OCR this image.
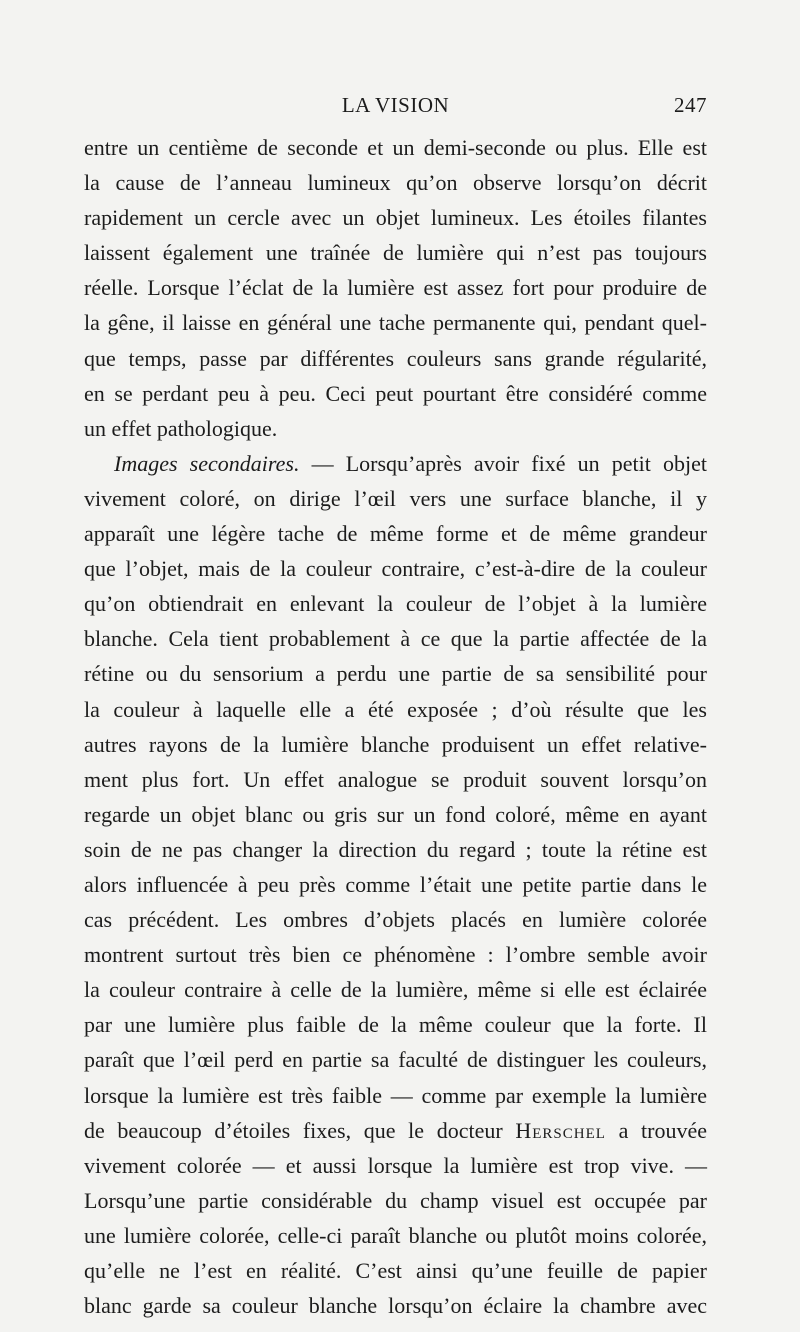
LA VISION	247
entre un centième de seconde et un demi-seconde ou plus. Elle est
la cause de l’anneau lumineux qu’on observe lorsqu’on décrit
rapidement un cercle avec un objet lumineux. Les étoiles filantes
laissent également une traînée de lumière qui n’est pas toujours
réelle. Lorsque l’éclat de la lumière est assez fort pour produire de
la gêne, il laisse en général une tache permanente qui, pendant quel-
que temps, passe par différentes couleurs sans grande régularité,
en se perdant peu à peu. Ceci peut pourtant être considéré comme
un effet pathologique.
Images secondaires. — Lorsqu’après avoir fixé un petit objet
vivement coloré, on dirige l’œil vers une surface blanche, il y
apparaît une légère tache de même forme et de même grandeur
que l’objet, mais de la couleur contraire, c’est-à-dire de la couleur
qu’on obtiendrait en enlevant la couleur de l’objet à la lumière
blanche. Cela tient probablement à ce que la partie affectée de la
rétine ou du sensorium a perdu une partie de sa sensibilité pour
la couleur à laquelle elle a été exposée ; d’où résulte que les
autres rayons de la lumière blanche produisent un effet relative-
ment plus fort. Un effet analogue se produit souvent lorsqu’on
regarde un objet blanc ou gris sur un fond coloré, même en ayant
soin de ne pas changer la direction du regard ; toute la rétine est
alors influencée à peu près comme l’était une petite partie dans le
cas précédent. Les ombres d’objets placés en lumière colorée
montrent surtout très bien ce phénomène : l’ombre semble avoir
la couleur contraire à celle de la lumière, même si elle est éclairée
par une lumière plus faible de la même couleur que la forte. Il
paraît que l’œil perd en partie sa faculté de distinguer les couleurs,
lorsque la lumière est très faible — comme par exemple la lumière
de beaucoup d’étoiles fixes, que le docteur Herschel a trouvée
vivement colorée — et aussi lorsque la lumière est trop vive. —
Lorsqu’une partie considérable du champ visuel est occupée par
une lumière colorée, celle-ci paraît blanche ou plutôt moins colorée,
qu’elle ne l’est en réalité. C’est ainsi qu’une feuille de papier
blanc garde sa couleur blanche lorsqu’on éclaire la chambre avec
